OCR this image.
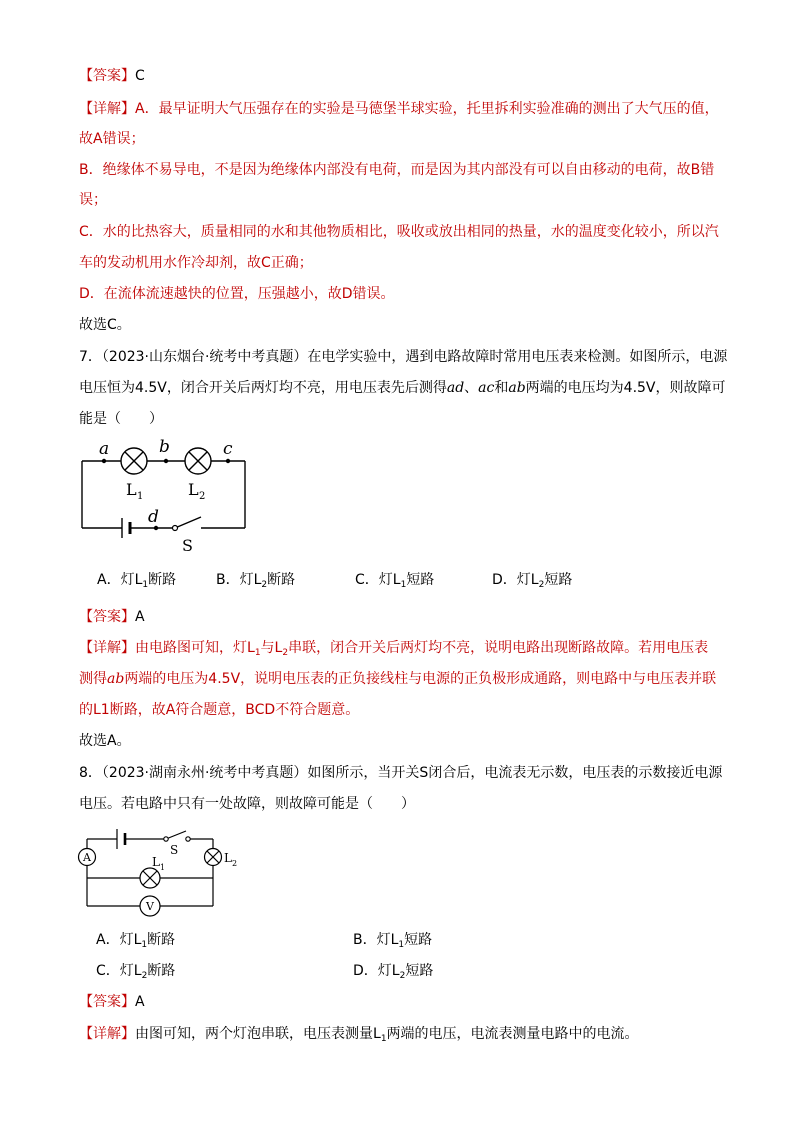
【答案】C
【详解】A．最早证明大气压强存在的实验是马德堡半球实验，托里拆利实验准确的测出了大气压的值，
故A错误；
B．绝缘体不易导电，不是因为绝缘体内部没有电荷，而是因为其内部没有可以自由移动的电荷，故B错
误；
C．水的比热容大，质量相同的水和其他物质相比，吸收或放出相同的热量，水的温度变化较小，所以汽
车的发动机用水作冷却剂，故C正确；
D．在流体流速越快的位置，压强越小，故D错误。
故选C。
7．（2023·山东烟台·统考中考真题）在电学实验中，遇到电路故障时常用电压表来检测。如图所示，电源
电压恒为4.5V，闭合开关后两灯均不亮，用电压表先后测得ad、ac和ab两端的电压均为4.5V，则故障可
能是（　　）
a	b	c
d
L 1	L 2
S
A．灯$L_1$断路	B．灯$L_2$断路	C．灯$L_1$短路	D．灯$L_2$短路
【答案】A
【详解】由电路图可知，灯$L_1$与$L_2$串联，闭合开关后两灯均不亮，说明电路出现断路故障。若用电压表
测得ab两端的电压为4.5V，说明电压表的正负接线柱与电源的正负极形成通路，则电路中与电压表并联
的L1断路，故A符合题意，BCD不符合题意。
故选A。
8．（2023·湖南永州·统考中考真题）如图所示，当开关S闭合后，电流表无示数，电压表的示数接近电源
电压。若电路中只有一处故障，则故障可能是（　　）
A
V
S
L 1
L 2
A．灯$L_1$断路	B．灯$L_1$短路
C．灯$L_2$断路	D．灯$L_2$短路
【答案】A
【详解】由图可知，两个灯泡串联，电压表测量$L_1$两端的电压，电流表测量电路中的电流。
